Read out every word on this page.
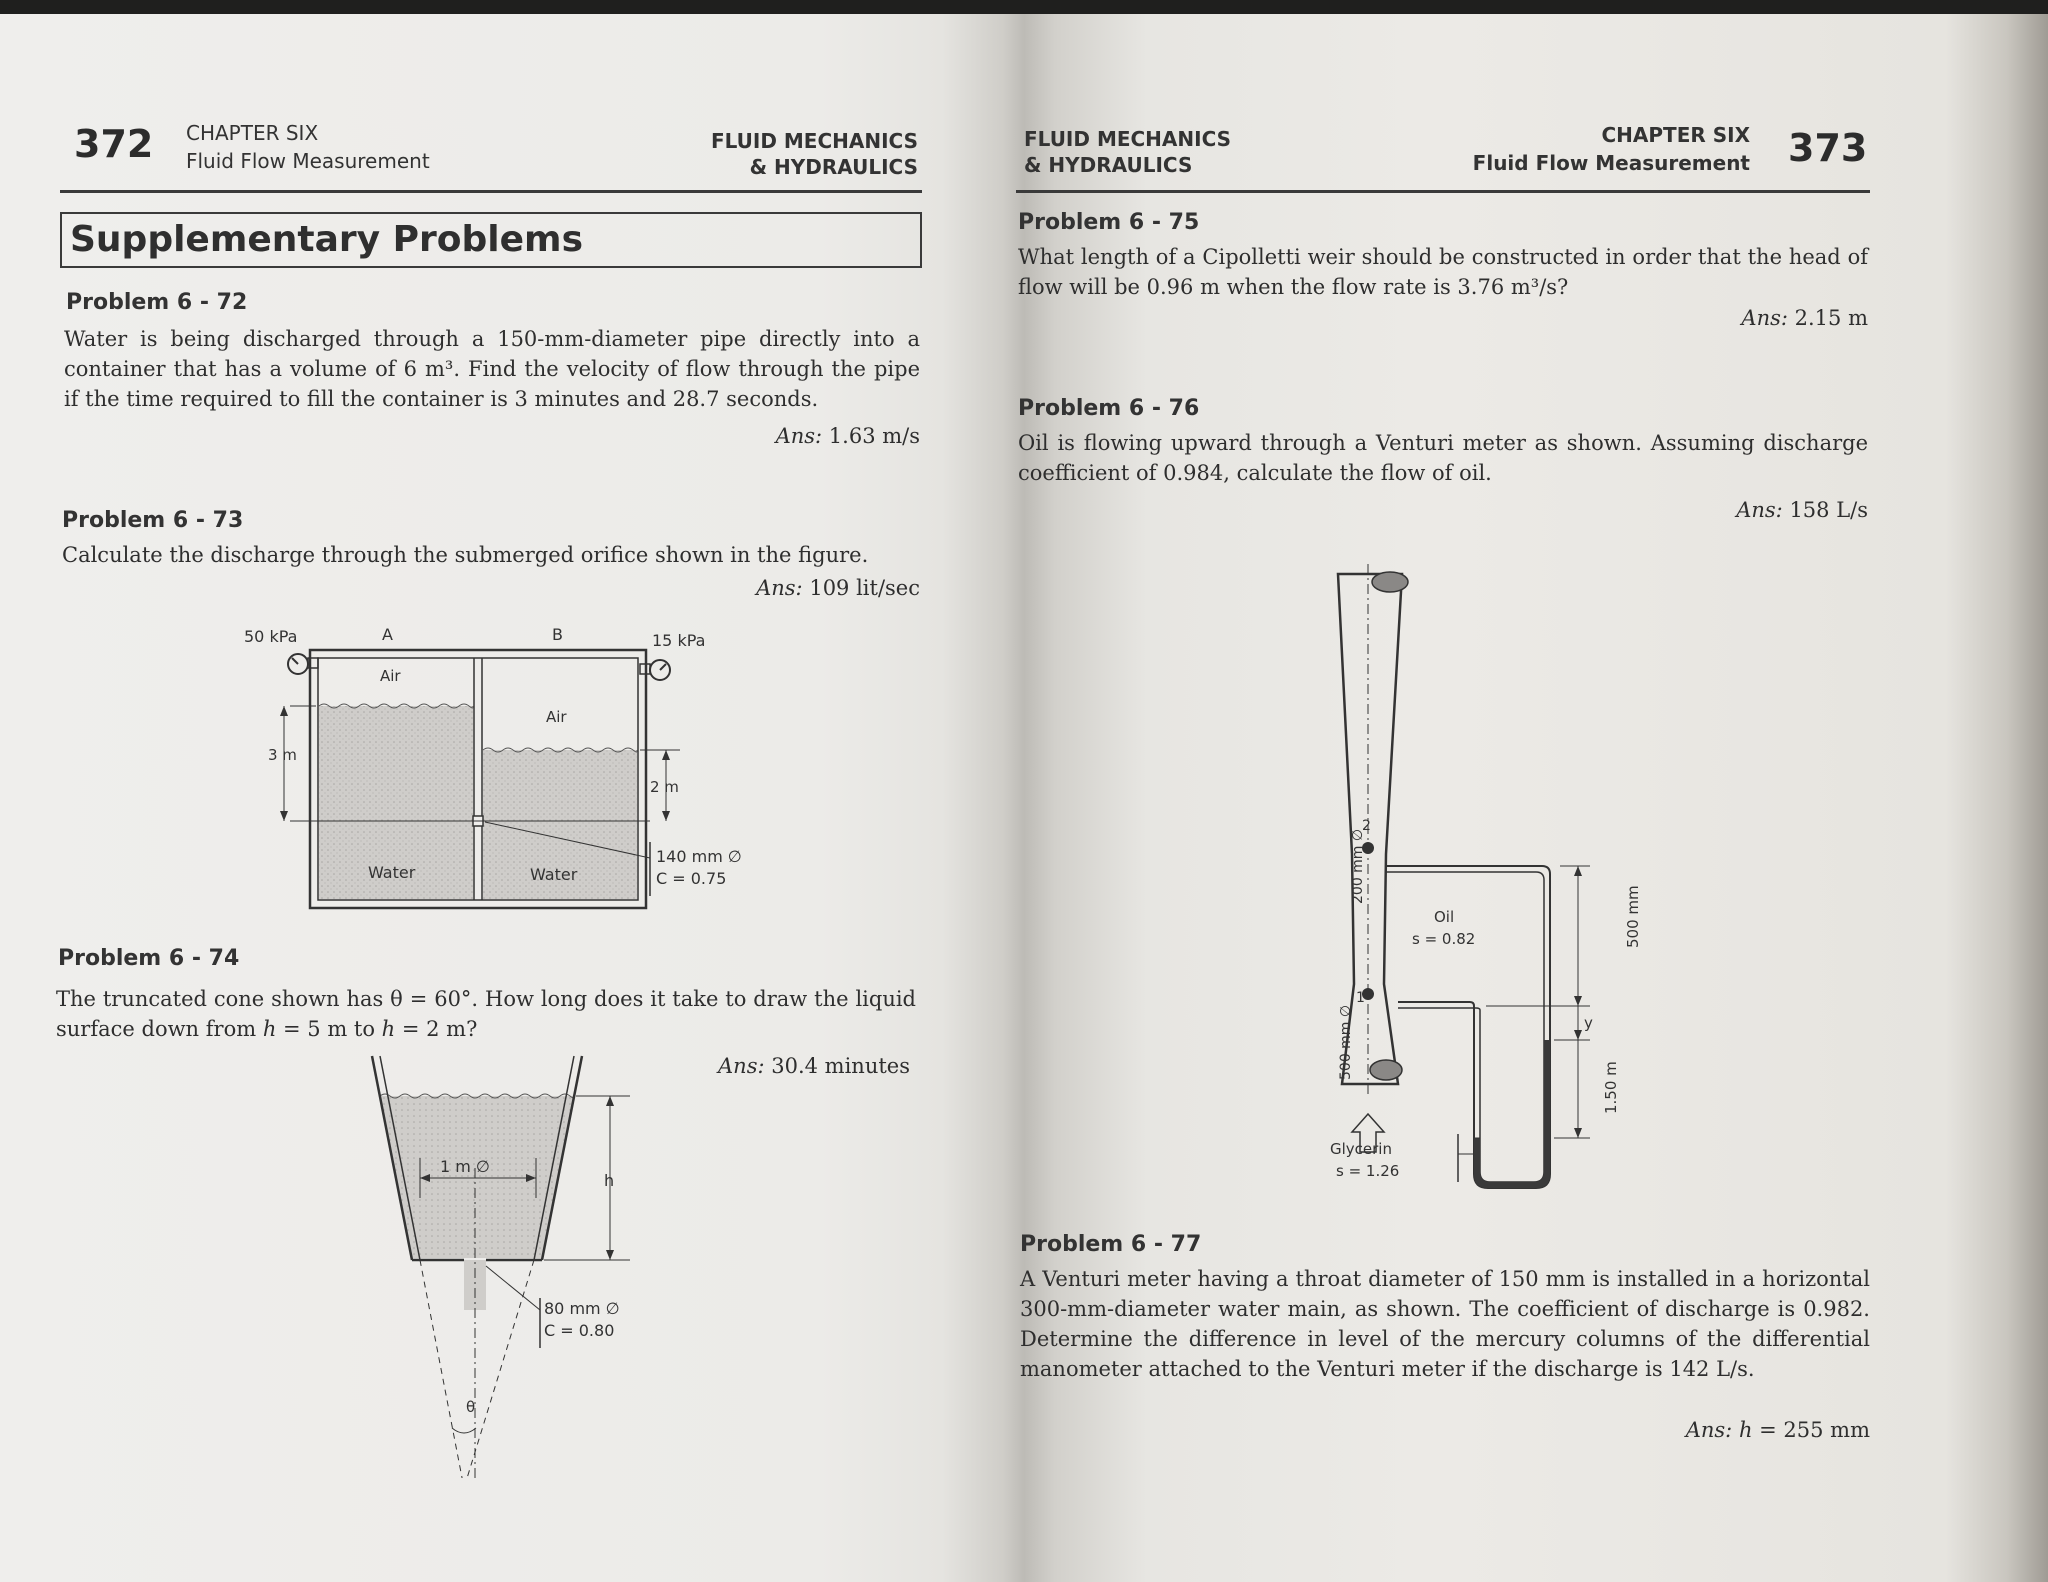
372 CHAPTER SIX
Fluid Flow Measurement
FLUID MECHANICS
& HYDRAULICS
Supplementary Problems
Problem 6 - 72
Water is being discharged through a 150-mm-diameter pipe directly into a container that has a volume of 6 m³. Find the velocity of flow through the pipe if the time required to fill the container is 3 minutes and 28.7 seconds.
Ans: 1.63 m/s
Problem 6 - 73
Calculate the discharge through the submerged orifice shown in the figure.
Ans: 109 lit/sec
50 kPa	A	B	15 kPa
Air
Air
Water	Water
3 m
2 m
140 mm ∅
C = 0.75
Problem 6 - 74
The truncated cone shown has θ = 60°. How long does it take to draw the liquid surface down from h = 5 m to h = 2 m?
Ans: 30.4 minutes
1 m ∅
h
80 mm ∅
C = 0.80
θ
FLUID MECHANICS
& HYDRAULICS
CHAPTER SIX
Fluid Flow Measurement 373
Problem 6 - 75
What length of a Cipolletti weir should be constructed in order that the head of flow will be 0.96 m when the flow rate is 3.76 m³/s?
Ans: 2.15 m
Problem 6 - 76
Oil is flowing upward through a Venturi meter as shown. Assuming discharge coefficient of 0.984, calculate the flow of oil.
Ans: 158 L/s
2
1
Oil
s = 0.82
Glycerin
s = 1.26
500 mm
y
1.50 m
200 mm ∅
500 mm ∅
Problem 6 - 77
A Venturi meter having a throat diameter of 150 mm is installed in a horizontal 300-mm-diameter water main, as shown. The coefficient of discharge is 0.982. Determine the difference in level of the mercury columns of the differential manometer attached to the Venturi meter if the discharge is 142 L/s.
Ans: h = 255 mm
